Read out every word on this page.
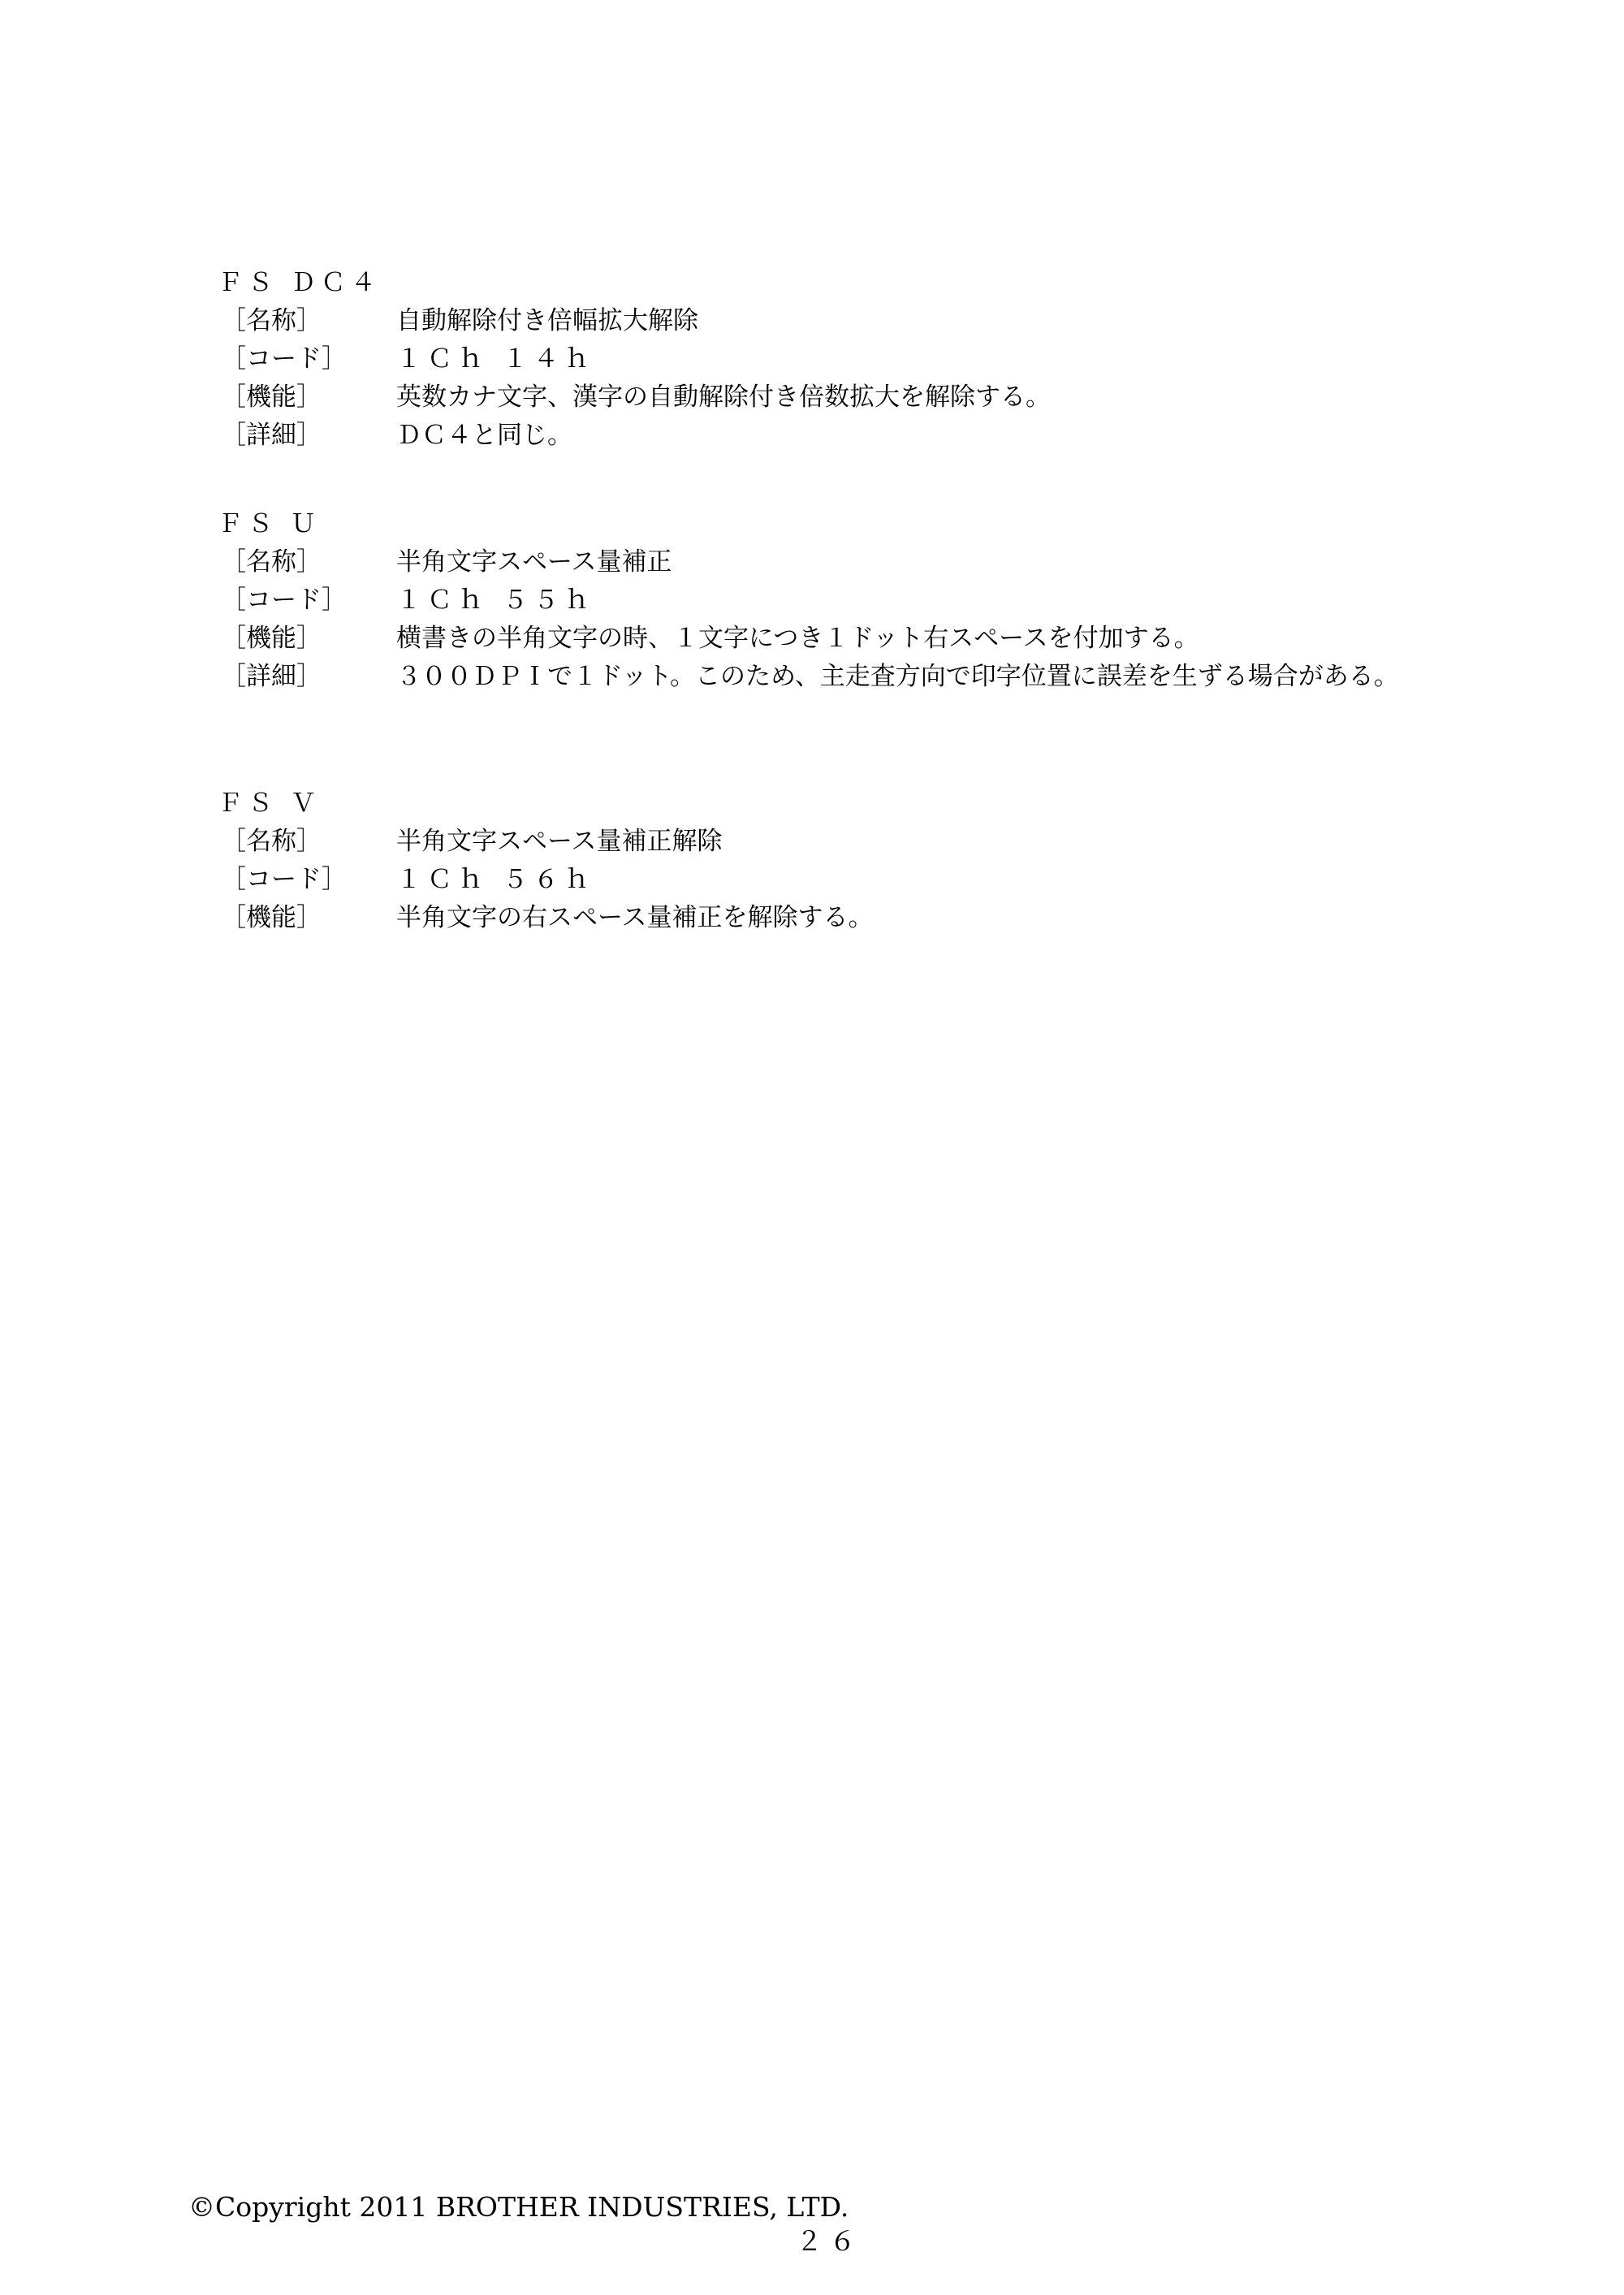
ＦＳ ＤＣ４
［名称］	自動解除付き倍幅拡大解除
［コード］	１Ｃｈ １４ｈ
［機能］	英数カナ文字、漢字の自動解除付き倍数拡大を解除する。
［詳細］	ＤＣ４と同じ。
ＦＳ Ｕ
［名称］	半角文字スペース量補正
［コード］	１Ｃｈ ５５ｈ
［機能］	横書きの半角文字の時、１文字につき１ドット右スペースを付加する。
［詳細］	３００ＤＰＩで１ドット。このため、主走査方向で印字位置に誤差を生ずる場合がある。
ＦＳ Ｖ
［名称］	半角文字スペース量補正解除
［コード］	１Ｃｈ ５６ｈ
［機能］	半角文字の右スペース量補正を解除する。
©Copyright 2011 BROTHER INDUSTRIES, LTD.
２６
